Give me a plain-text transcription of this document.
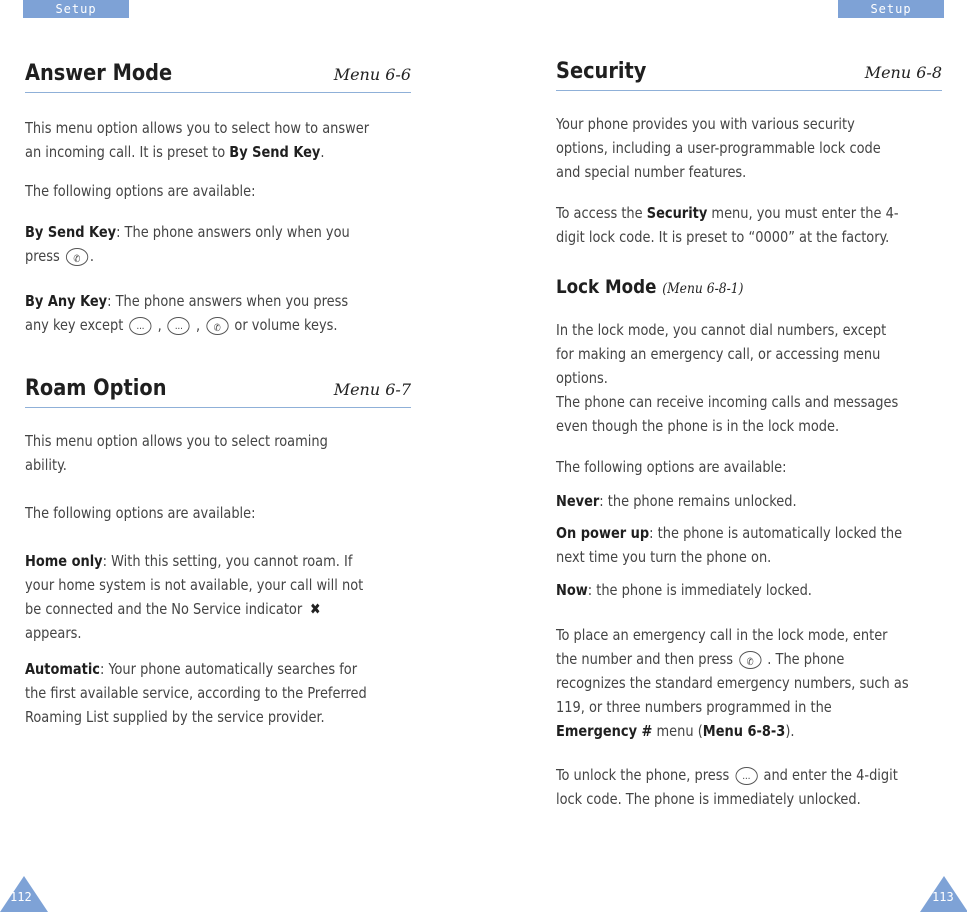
Setup	Setup
Answer Mode	Menu 6-6
This menu option allows you to select how to answer
an incoming call. It is preset to By Send Key.
The following options are available:
By Send Key: The phone answers only when you
press ✆.
By Any Key: The phone answers when you press
any key except ··· , ··· , ✆ or volume keys.
Roam Option	Menu 6-7
This menu option allows you to select roaming
ability.
The following options are available:
Home only: With this setting, you cannot roam. If
your home system is not available, your call will not
be connected and the No Service indicator ✖
appears.
Automatic: Your phone automatically searches for
the first available service, according to the Preferred
Roaming List supplied by the service provider.
Security	Menu 6-8
Your phone provides you with various security
options, including a user-programmable lock code
and special number features.
To access the Security menu, you must enter the 4-
digit lock code. It is preset to “0000” at the factory.
Lock Mode (Menu 6-8-1)
In the lock mode, you cannot dial numbers, except
for making an emergency call, or accessing menu
options.
The phone can receive incoming calls and messages
even though the phone is in the lock mode.
The following options are available:
Never: the phone remains unlocked.
On power up: the phone is automatically locked the
next time you turn the phone on.
Now: the phone is immediately locked.
To place an emergency call in the lock mode, enter
the number and then press ✆ . The phone
recognizes the standard emergency numbers, such as
119, or three numbers programmed in the
Emergency # menu (Menu 6-8-3).
To unlock the phone, press ··· and enter the 4-digit
lock code. The phone is immediately unlocked.
112	113
